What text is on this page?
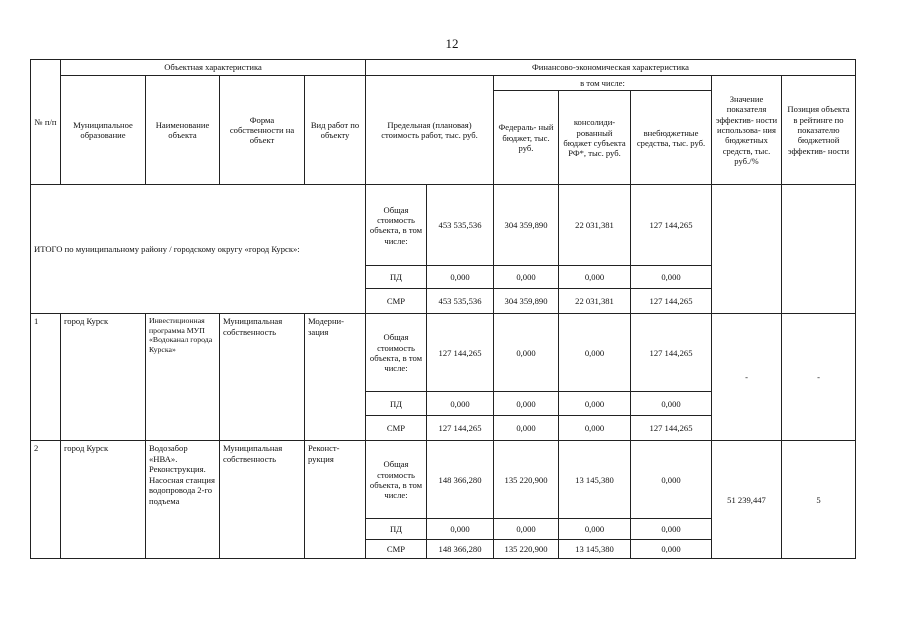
12
№ п/п	Объектная характеристика				Финансово-экономическая характеристика						
	Муниципальное образование	Наименование объекта	Форма собственности на объект	Вид работ по объекту	Предельная (плановая) стоимость работ, тыс. руб.		в том числе:			Значение показателя эффектив- ности использова- ния бюджетных средств, тыс. руб./%	Позиция объекта в рейтинге по показателю бюджетной эффектив- ности
							Федераль- ный бюджет, тыс. руб.	консолиди- рованный бюджет субъекта РФ*, тыс. руб.	внебюджетные средства, тыс. руб.		
ИТОГО по муниципальному району / городскому округу «город Курск»:					Общая стоимость объекта, в том числе:	453 535,536	304 359,890	22 031,381	127 144,265		
					ПД	0,000	0,000	0,000	0,000		
					СМР	453 535,536	304 359,890	22 031,381	127 144,265		
1	город Курск	Инвестиционная программа МУП «Водоканал города Курска»	Муниципальная собственность	Модерни- зация	Общая стоимость объекта, в том числе:	127 144,265	0,000	0,000	127 144,265	-	-
					ПД	0,000	0,000	0,000	0,000		
					СМР	127 144,265	0,000	0,000	127 144,265		
2	город Курск	Водозабор «НВА». Реконструкция. Насосная станция водопровода 2-го подъема	Муниципальная собственность	Реконст- рукция	Общая стоимость объекта, в том числе:	148 366,280	135 220,900	13 145,380	0,000	51 239,447	5
					ПД	0,000	0,000	0,000	0,000		
					СМР	148 366,280	135 220,900	13 145,380	0,000		
